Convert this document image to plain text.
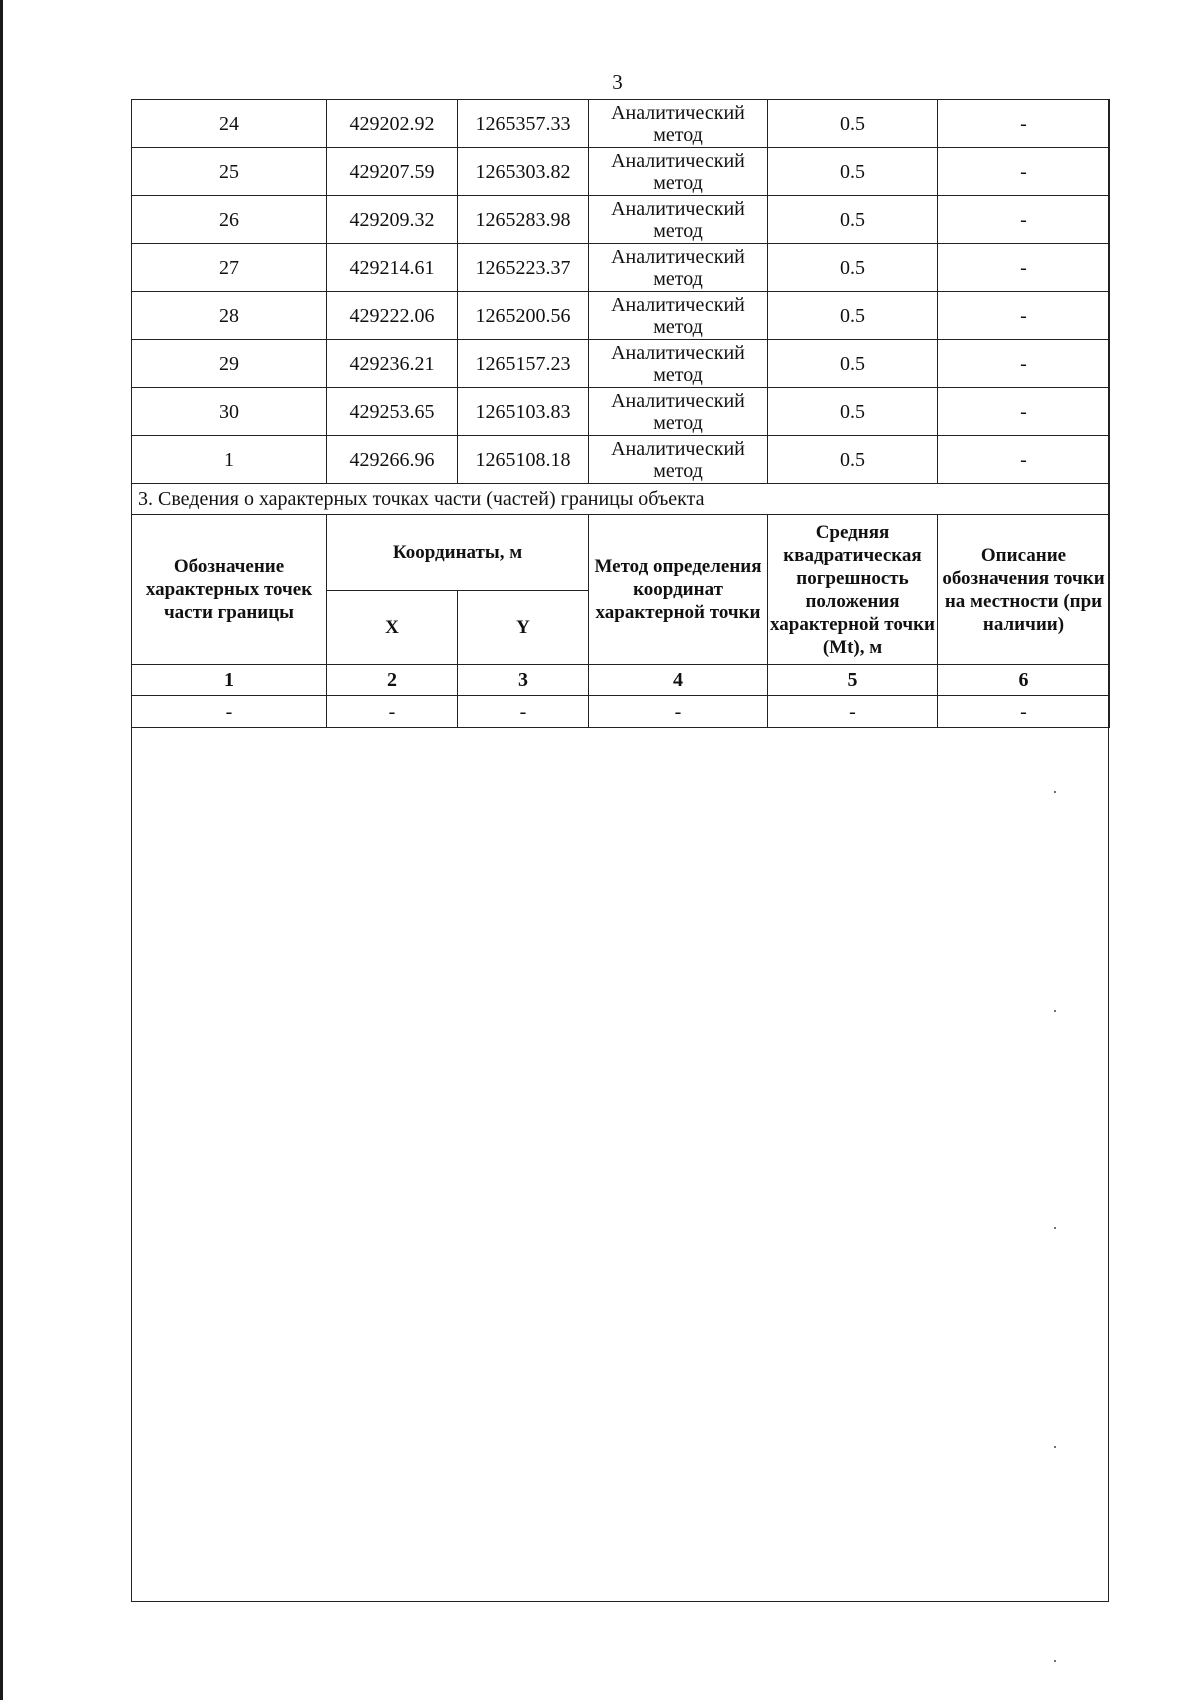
3
24	429202.92	1265357.33	Аналитический метод	0.5	-
25	429207.59	1265303.82	Аналитический метод	0.5	-
26	429209.32	1265283.98	Аналитический метод	0.5	-
27	429214.61	1265223.37	Аналитический метод	0.5	-
28	429222.06	1265200.56	Аналитический метод	0.5	-
29	429236.21	1265157.23	Аналитический метод	0.5	-
30	429253.65	1265103.83	Аналитический метод	0.5	-
1	429266.96	1265108.18	Аналитический метод	0.5	-
3. Сведения о характерных точках части (частей) границы объекта					
Обозначение характерных точек части границы	Координаты, м		Метод определения координат характерной точки	Средняя квадратическая погрешность положения характерной точки (Mt), м	Описание обозначения точки на местности (при наличии)
	X	Y			
1	2	3	4	5	6
-	-	-	-	-	-
